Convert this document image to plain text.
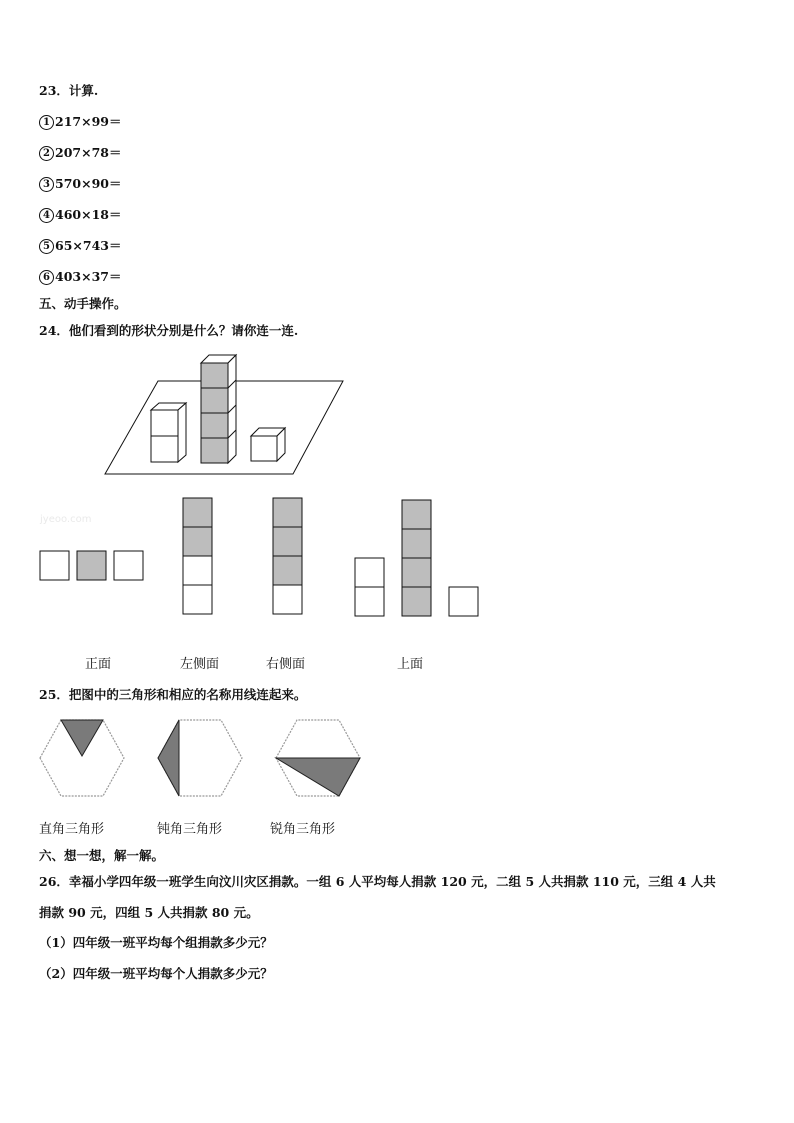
23．计算.

1 217×99＝
2 207×78＝
3 570×90＝
4 460×18＝
5 65×743＝
6 403×37＝

五、动手操作。

24．他们看到的形状分别是什么？请你连一连.

jyeoo.com

正面	左侧面	右侧面	上面

25．把图中的三角形和相应的名称用线连起来。

直角三角形	钝角三角形	锐角三角形

六、想一想，解一解。

26．幸福小学四年级一班学生向汶川灾区捐款。一组 6 人平均每人捐款 120 元，二组 5 人共捐款 110 元，三组 4 人共

捐款 90 元，四组 5 人共捐款 80 元。

（1）四年级一班平均每个组捐款多少元？

（2）四年级一班平均每个人捐款多少元？
